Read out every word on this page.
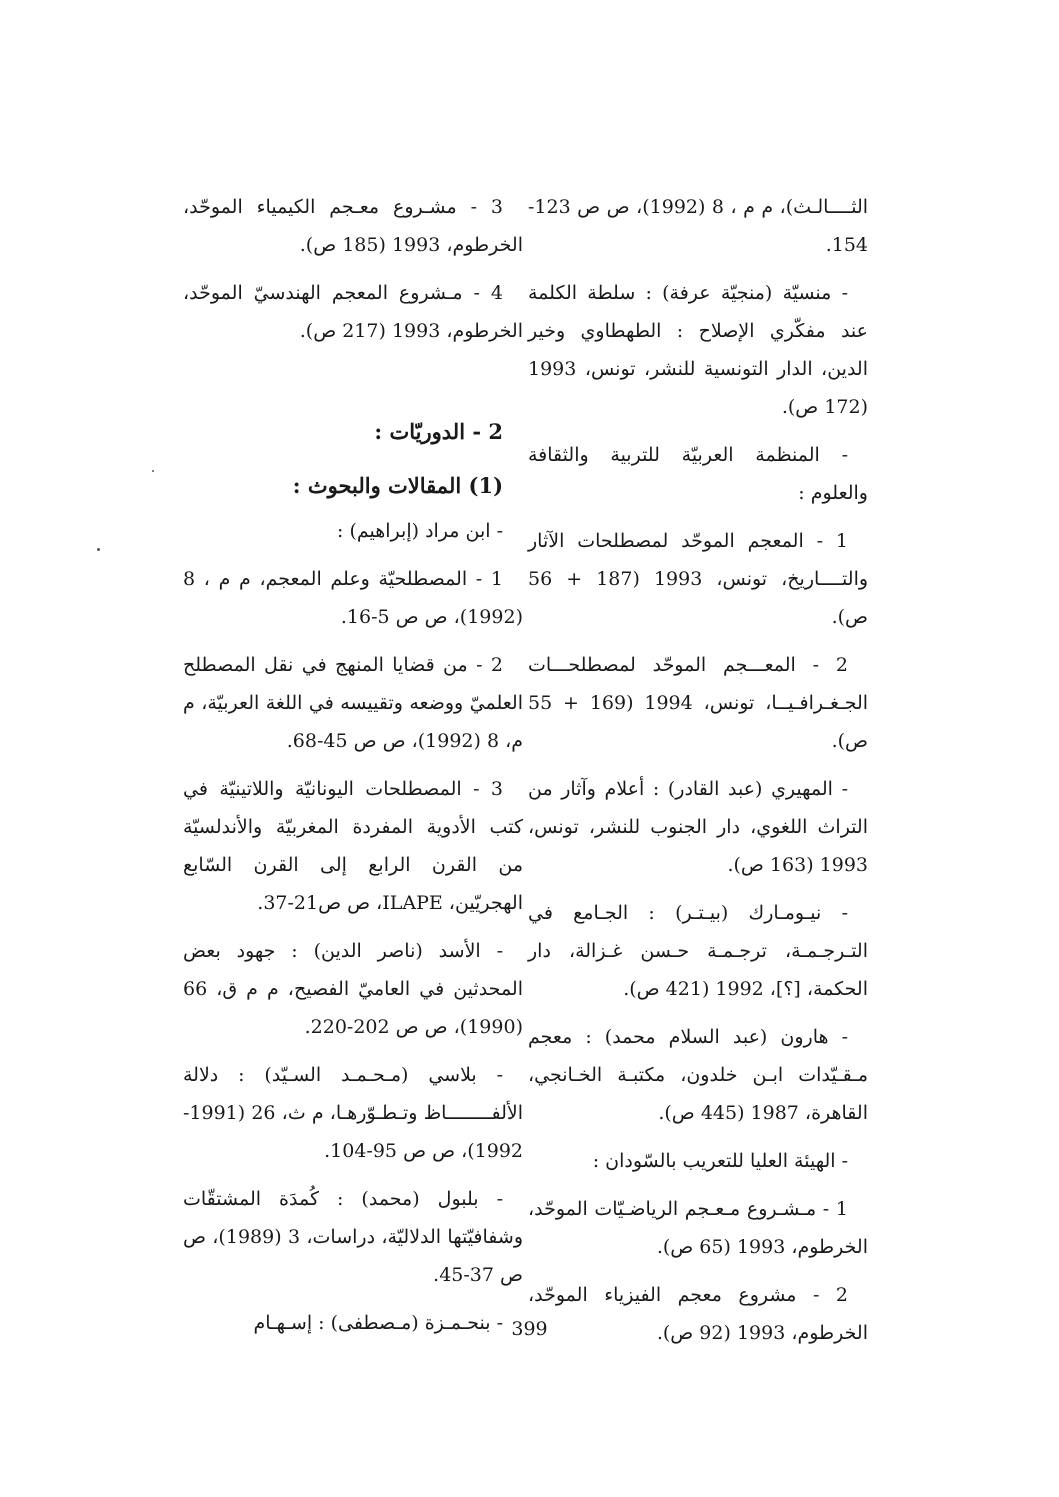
الثــــالـث)، م م ، 8 (1992)، ص ص 123-154.

- منسيّة (منجيّة عرفة) : سلطة الكلمة عند مفكّري الإصلاح : الطهطاوي وخير الدين، الدار التونسية للنشر، تونس، 1993 (172 ص).

- المنظمة العربيّة للتربية والثقافة والعلوم :

1 - المعجم الموحّد لمصطلحات الآثار والتــــاريخ، تونس، 1993 (187 + 56 ص).

2 - المعـــجم الموحّد لمصطلحـــات الجـغـرافـيــا، تونس، 1994 (169 + 55 ص).

- المهيري (عبد القادر) : أعلام وآثار من التراث اللغوي، دار الجنوب للنشر، تونس، 1993 (163 ص).

- نيـومـارك (بيـتـر) : الجـامع في التـرجـمـة، ترجـمـة حـسن غـزالة، دار الحكمة، [؟]، 1992 (421 ص).

- هارون (عبد السلام محمد) : معجم مـقـيّدات ابـن خلدون، مكتبـة الخـانجي، القاهرة، 1987 (445 ص).

- الهيئة العليا للتعريب بالسّودان :

1 - مـشـروع مـعـجم الرياضـيّات الموحّد، الخرطوم، 1993 (65 ص).

2 - مشروع معجم الفيزياء الموحّد، الخرطوم، 1993 (92 ص).

3 - مشـروع معـجم الكيمياء الموحّد، الخرطوم، 1993 (185 ص).

4 - مـشروع المعجم الهندسيّ الموحّد، الخرطوم، 1993 (217 ص).

2 - الدوريّات :

(1) المقالات والبحوث :

- ابن مراد (إبراهيم) :

1 - المصطلحيّة وعلم المعجم، م م ، 8 (1992)، ص ص 5-16.

2 - من قضايا المنهج في نقل المصطلح العلميّ ووضعه وتقييسه في اللغة العربيّة، م م، 8 (1992)، ص ص 45-68.

3 - المصطلحات اليونانيّة واللاتينيّة في كتب الأدوية المفردة المغربيّة والأندلسيّة من القرن الرابع إلى القرن السّابع الهجريّين، ILAPE، ص ص21-37.

- الأسد (ناصر الدين) : جهود بعض المحدثين في العاميّ الفصيح، م م ق، 66 (1990)، ص ص 202-220.

- بلاسي (مـحـمـد السـيّد) : دلالة الألفــــــــاظ وتـطـوّرهـا، م ث، 26 (1991-1992)، ص ص 95-104.

- بلبول (محمد) : كُمدَة المشتقّات وشفافيّتها الدلاليّة، دراسات، 3 (1989)، ص ص 37-45.

- بنحـمـزة (مـصطفى) : إسـهـام 399
